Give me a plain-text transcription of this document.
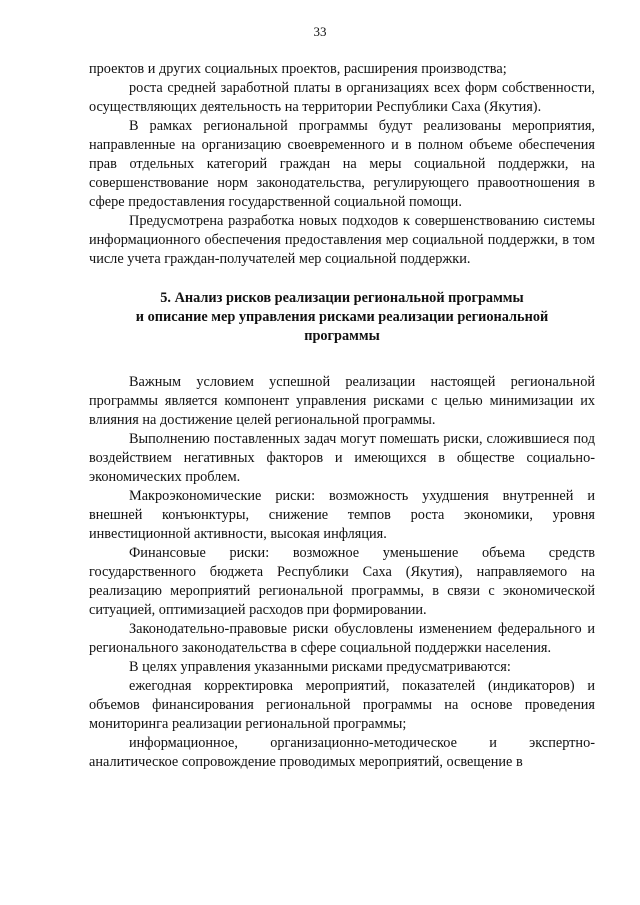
33

проектов и других социальных проектов, расширения производства;

роста средней заработной платы в организациях всех форм собственности, осуществляющих деятельность на территории Республики Саха (Якутия).

В рамках региональной программы будут реализованы мероприятия, направленные на организацию своевременного и в полном объеме обеспечения прав отдельных категорий граждан на меры социальной поддержки, на совершенствование норм законодательства, регулирующего правоотношения в сфере предоставления государственной социальной помощи.

Предусмотрена разработка новых подходов к совершенствованию системы информационного обеспечения предоставления мер социальной поддержки, в том числе учета граждан-получателей мер социальной поддержки.

5. Анализ рисков реализации региональной программы
и описание мер управления рисками реализации региональной
программы

Важным условием успешной реализации настоящей региональной программы является компонент управления рисками с целью минимизации их влияния на достижение целей региональной программы.

Выполнению поставленных задач могут помешать риски, сложившиеся под воздействием негативных факторов и имеющихся в обществе социально-экономических проблем.

Макроэкономические риски: возможность ухудшения внутренней и внешней конъюнктуры, снижение темпов роста экономики, уровня инвестиционной активности, высокая инфляция.

Финансовые риски: возможное уменьшение объема средств государственного бюджета Республики Саха (Якутия), направляемого на реализацию мероприятий региональной программы, в связи с экономической ситуацией, оптимизацией расходов при формировании.

Законодательно-правовые риски обусловлены изменением федерального и регионального законодательства в сфере социальной поддержки населения.

В целях управления указанными рисками предусматриваются:

ежегодная корректировка мероприятий, показателей (индикаторов) и объемов финансирования региональной программы на основе проведения мониторинга реализации региональной программы;

информационное, организационно-методическое и экспертно-аналитическое сопровождение проводимых мероприятий, освещение в
